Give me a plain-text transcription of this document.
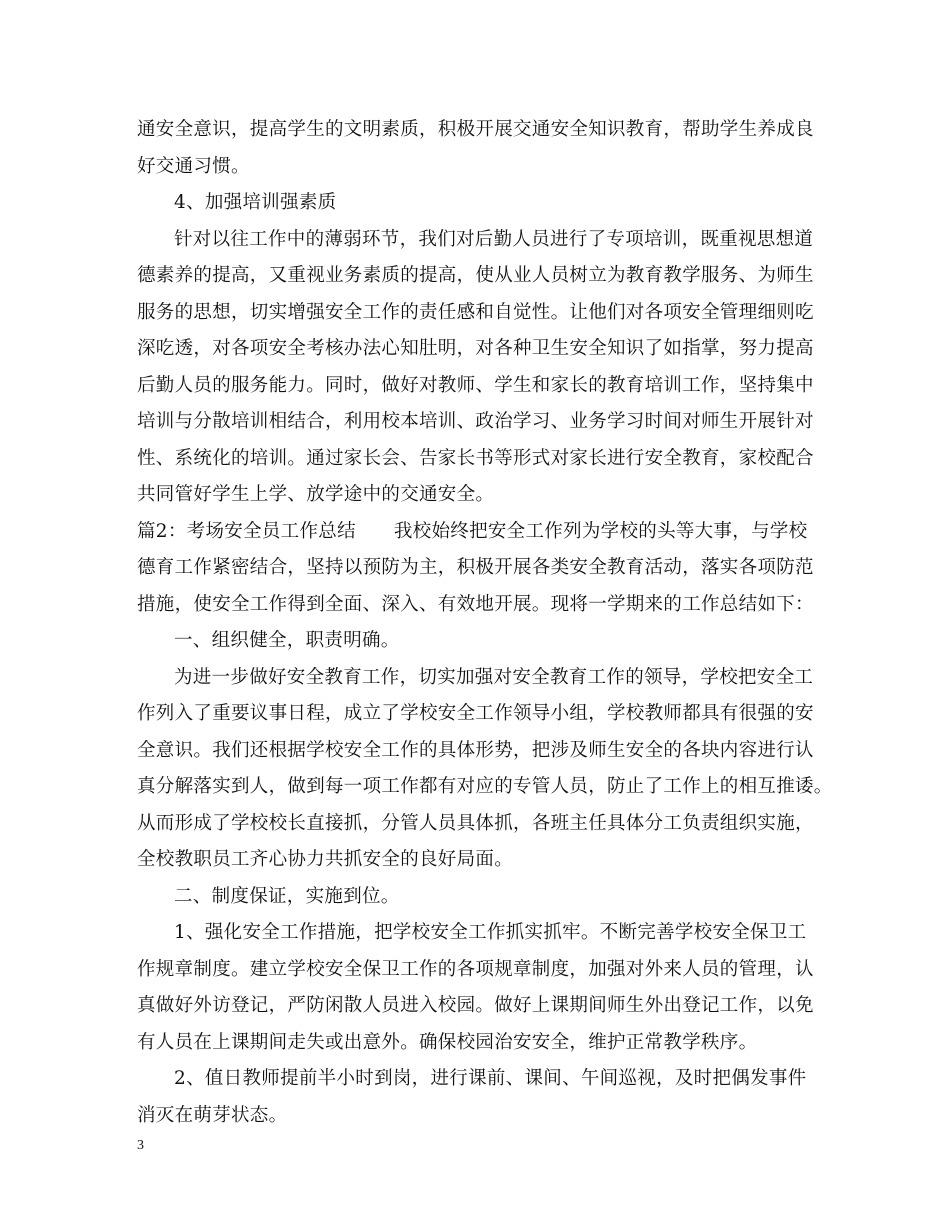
通安全意识，提高学生的文明素质，积极开展交通安全知识教育，帮助学生养成良
好交通习惯。
4、加强培训强素质
针对以往工作中的薄弱环节，我们对后勤人员进行了专项培训，既重视思想道
德素养的提高，又重视业务素质的提高，使从业人员树立为教育教学服务、为师生
服务的思想，切实增强安全工作的责任感和自觉性。让他们对各项安全管理细则吃
深吃透，对各项安全考核办法心知肚明，对各种卫生安全知识了如指掌，努力提高
后勤人员的服务能力。同时，做好对教师、学生和家长的教育培训工作，坚持集中
培训与分散培训相结合，利用校本培训、政治学习、业务学习时间对师生开展针对
性、系统化的培训。通过家长会、告家长书等形式对家长进行安全教育，家校配合
共同管好学生上学、放学途中的交通安全。
篇2：考场安全员工作总结 我校始终把安全工作列为学校的头等大事，与学校
德育工作紧密结合，坚持以预防为主，积极开展各类安全教育活动，落实各项防范
措施，使安全工作得到全面、深入、有效地开展。现将一学期来的工作总结如下：
一、组织健全，职责明确。
为进一步做好安全教育工作，切实加强对安全教育工作的领导，学校把安全工
作列入了重要议事日程，成立了学校安全工作领导小组，学校教师都具有很强的安
全意识。我们还根据学校安全工作的具体形势，把涉及师生安全的各块内容进行认
真分解落实到人，做到每一项工作都有对应的专管人员，防止了工作上的相互推诿。
从而形成了学校校长直接抓，分管人员具体抓，各班主任具体分工负责组织实施，
全校教职员工齐心协力共抓安全的良好局面。
二、制度保证，实施到位。
1、强化安全工作措施，把学校安全工作抓实抓牢。不断完善学校安全保卫工
作规章制度。建立学校安全保卫工作的各项规章制度，加强对外来人员的管理，认
真做好外访登记，严防闲散人员进入校园。做好上课期间师生外出登记工作，以免
有人员在上课期间走失或出意外。确保校园治安安全，维护正常教学秩序。
2、值日教师提前半小时到岗，进行课前、课间、午间巡视，及时把偶发事件
消灭在萌芽状态。
3
